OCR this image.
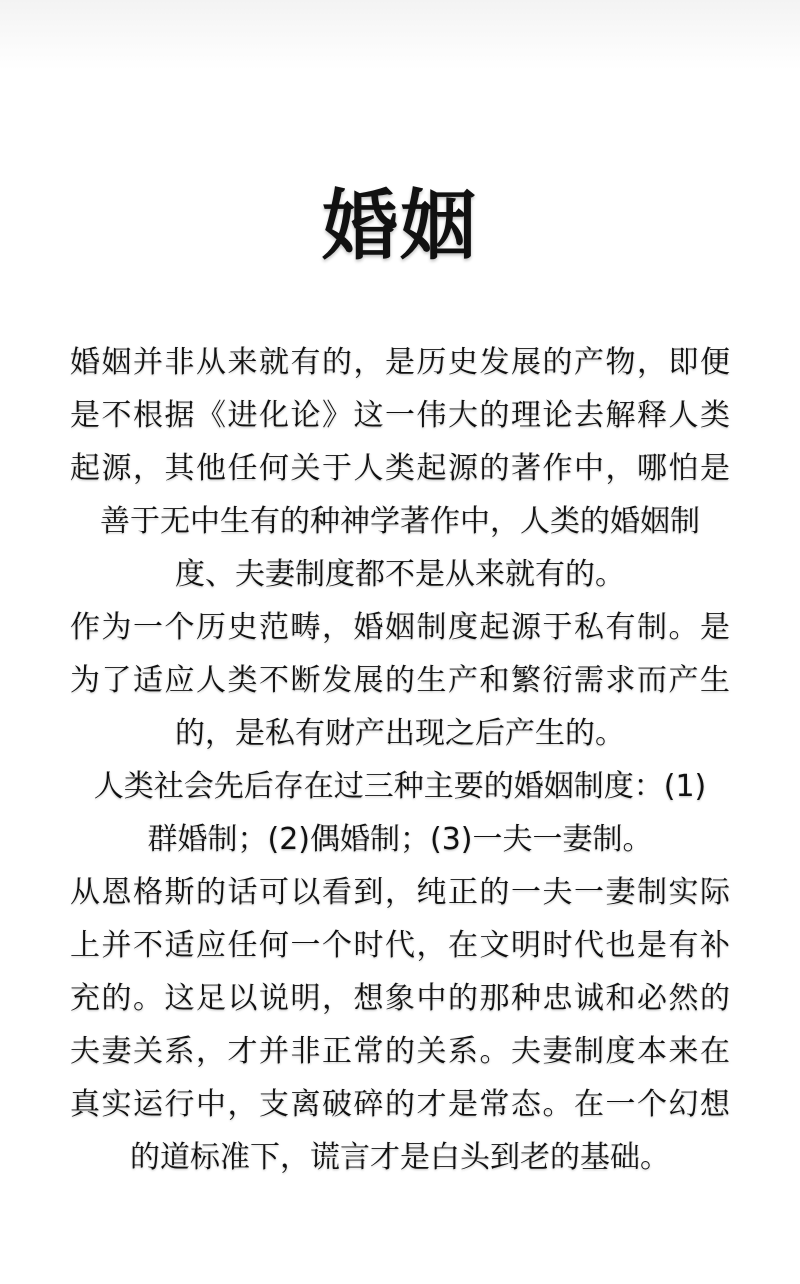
婚姻
婚姻并非从来就有的，是历史发展的产物，即便
是不根据《进化论》这一伟大的理论去解释人类
起源，其他任何关于人类起源的著作中，哪怕是
善于无中生有的种神学著作中，人类的婚姻制
度、夫妻制度都不是从来就有的。
作为一个历史范畴，婚姻制度起源于私有制。是
为了适应人类不断发展的生产和繁衍需求而产生
的，是私有财产出现之后产生的。
人类社会先后存在过三种主要的婚姻制度：(1)
群婚制；(2)偶婚制；(3)一夫一妻制。
从恩格斯的话可以看到，纯正的一夫一妻制实际
上并不适应任何一个时代，在文明时代也是有补
充的。这足以说明，想象中的那种忠诚和必然的
夫妻关系，才并非正常的关系。夫妻制度本来在
真实运行中，支离破碎的才是常态。在一个幻想
的道标准下，谎言才是白头到老的基础。
